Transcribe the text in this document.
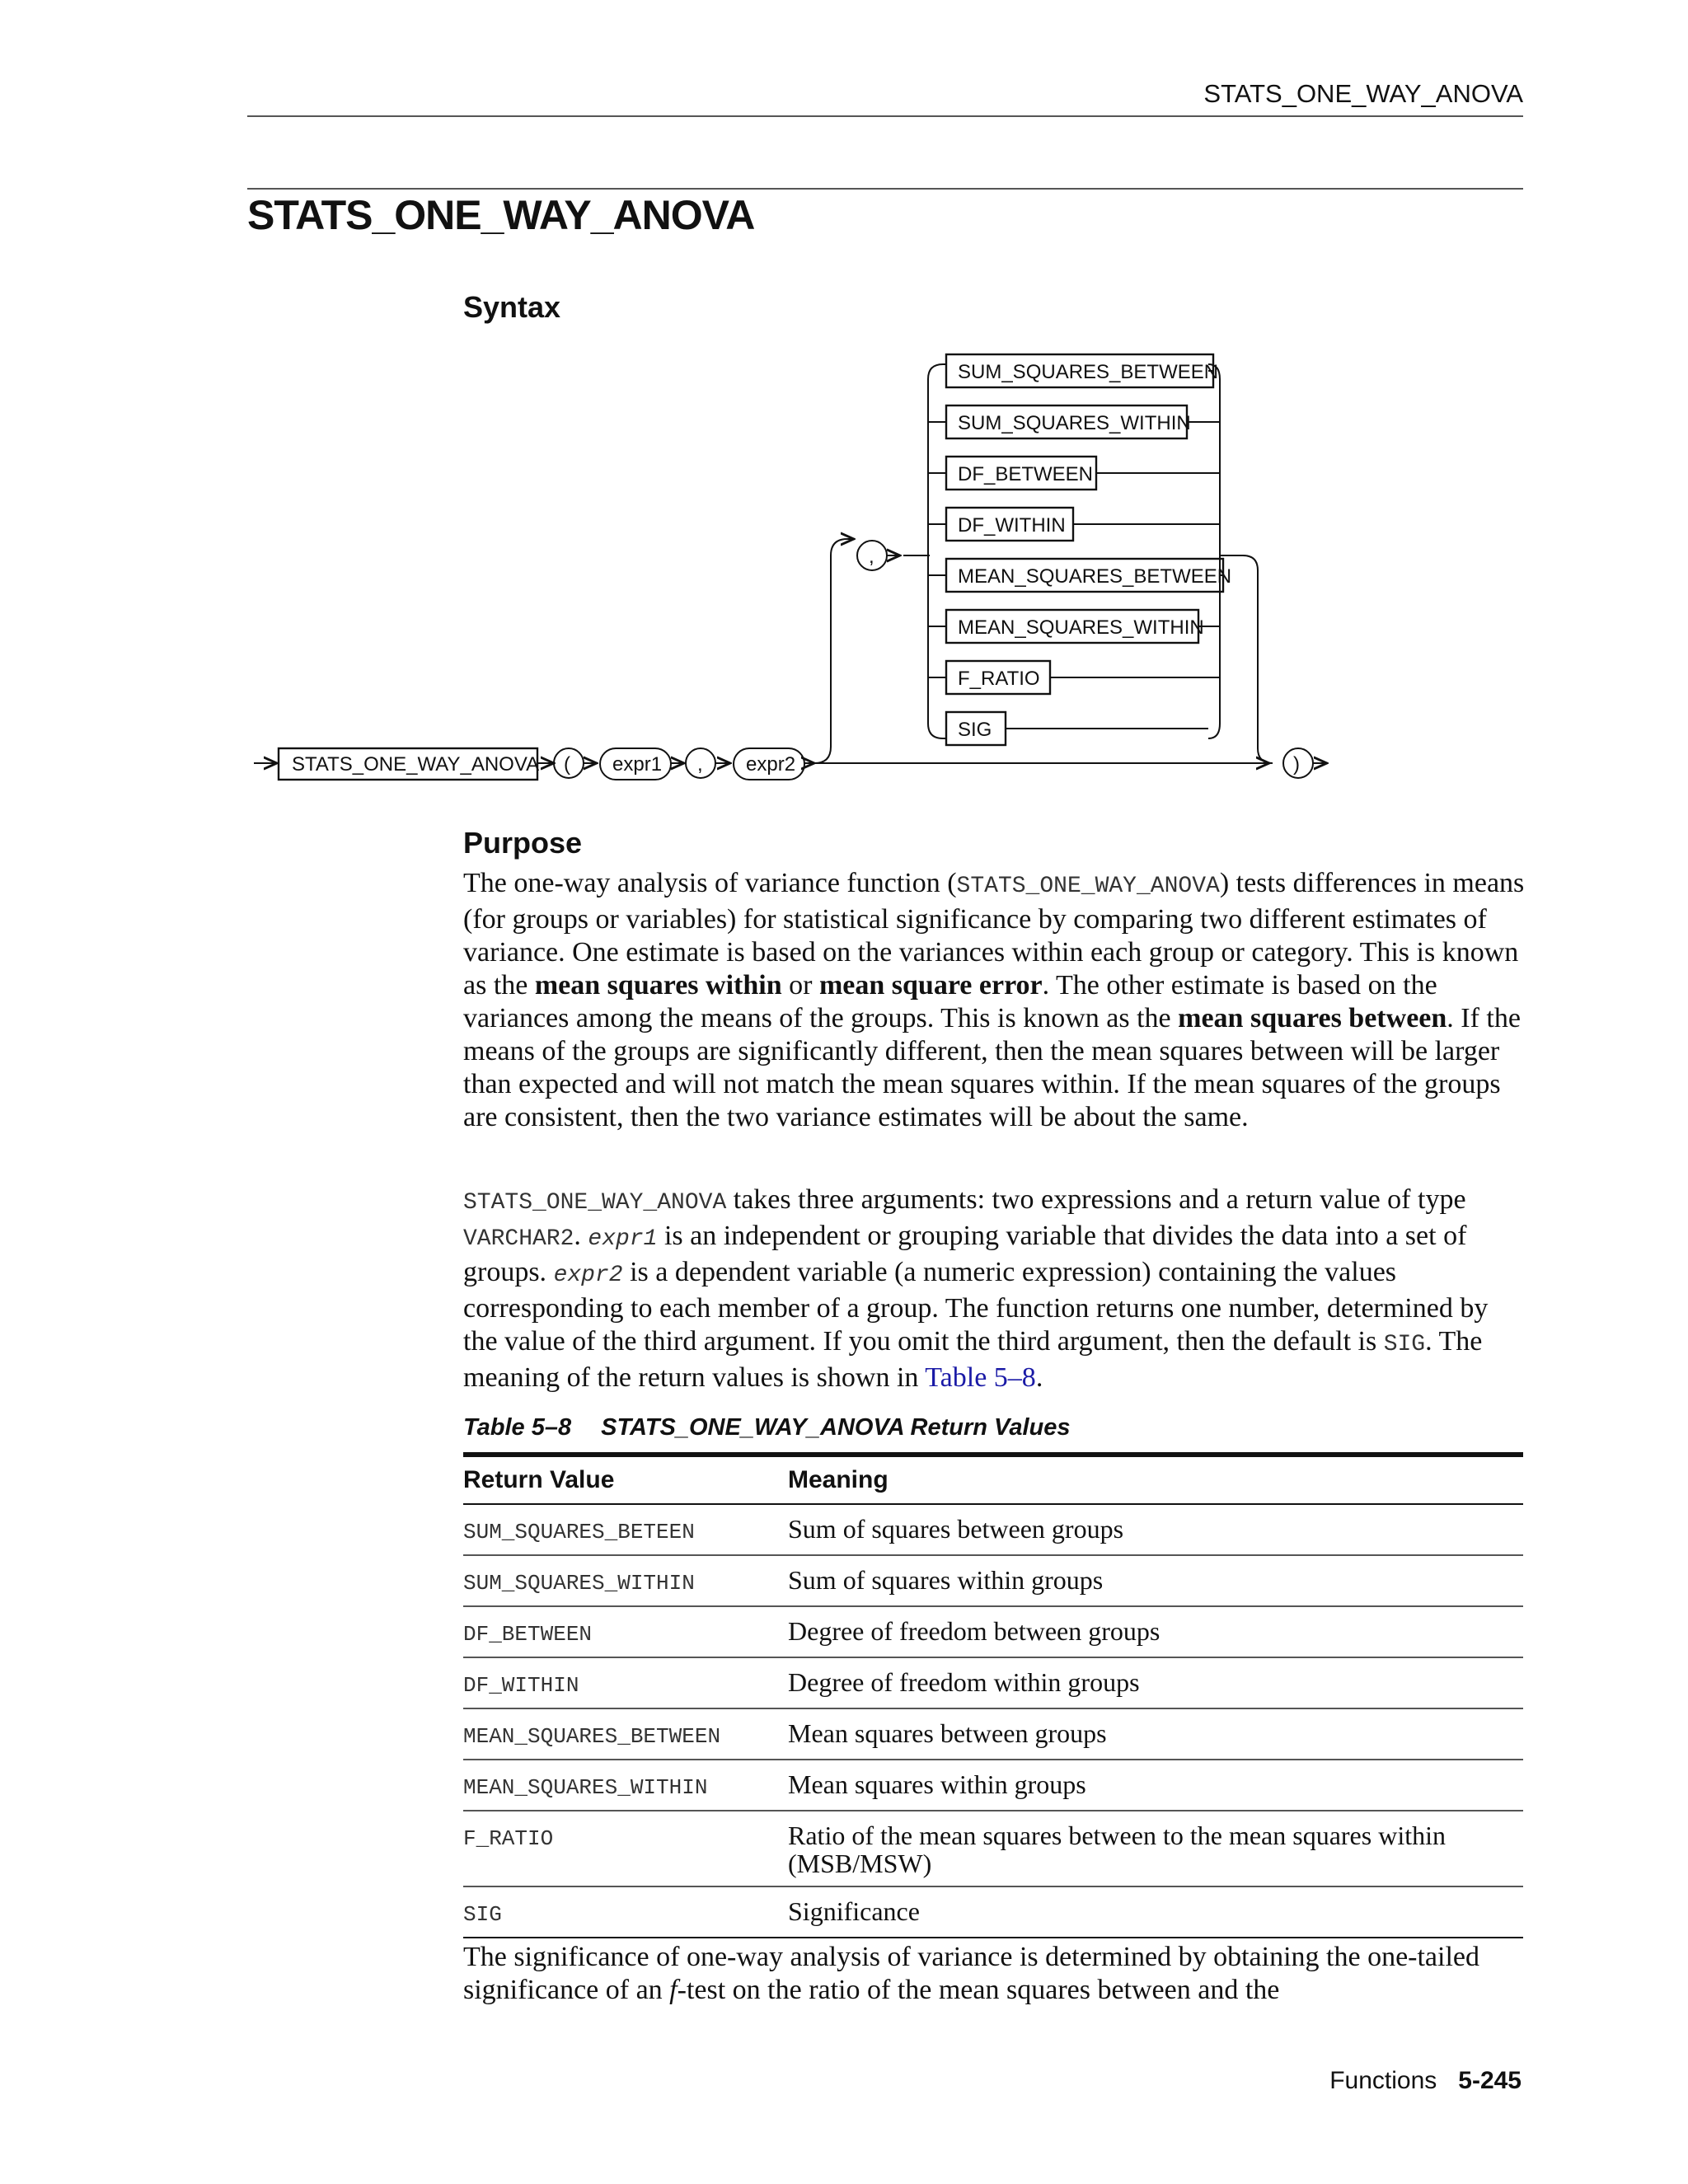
STATS_ONE_WAY_ANOVA
STATS_ONE_WAY_ANOVA
Syntax
STATS_ONE_WAY_ANOVA ( expr1 , expr2
,
)
SUM_SQUARES_BETWEEN
SUM_SQUARES_WITHIN
DF_BETWEEN
DF_WITHIN
MEAN_SQUARES_BETWEEN
MEAN_SQUARES_WITHIN
F_RATIO
SIG
Purpose

The one-way analysis of variance function (STATS_ONE_WAY_ANOVA) tests differences in means (for groups or variables) for statistical significance by comparing two different estimates of variance. One estimate is based on the variances within each group or category. This is known as the mean squares within or mean square error. The other estimate is based on the variances among the means of the groups. This is known as the mean squares between. If the means of the groups are significantly different, then the mean squares between will be larger than expected and will not match the mean squares within. If the mean squares of the groups are consistent, then the two variance estimates will be about the same.

STATS_ONE_WAY_ANOVA takes three arguments: two expressions and a return value of type VARCHAR2. expr1 is an independent or grouping variable that divides the data into a set of groups. expr2 is a dependent variable (a numeric expression) containing the values corresponding to each member of a group. The function returns one number, determined by the value of the third argument. If you omit the third argument, then the default is SIG. The meaning of the return values is shown in Table 5–8.

Table 5–8 STATS_ONE_WAY_ANOVA Return Values

Return Value	Meaning
SUM_SQUARES_BETEEN	Sum of squares between groups
SUM_SQUARES_WITHIN	Sum of squares within groups
DF_BETWEEN	Degree of freedom between groups
DF_WITHIN	Degree of freedom within groups
MEAN_SQUARES_BETWEEN	Mean squares between groups
MEAN_SQUARES_WITHIN	Mean squares within groups
F_RATIO	Ratio of the mean squares between to the mean squares within (MSB/MSW)
SIG	Significance

The significance of one-way analysis of variance is determined by obtaining the one-tailed significance of an f-test on the ratio of the mean squares between and the

Functions 5-245
